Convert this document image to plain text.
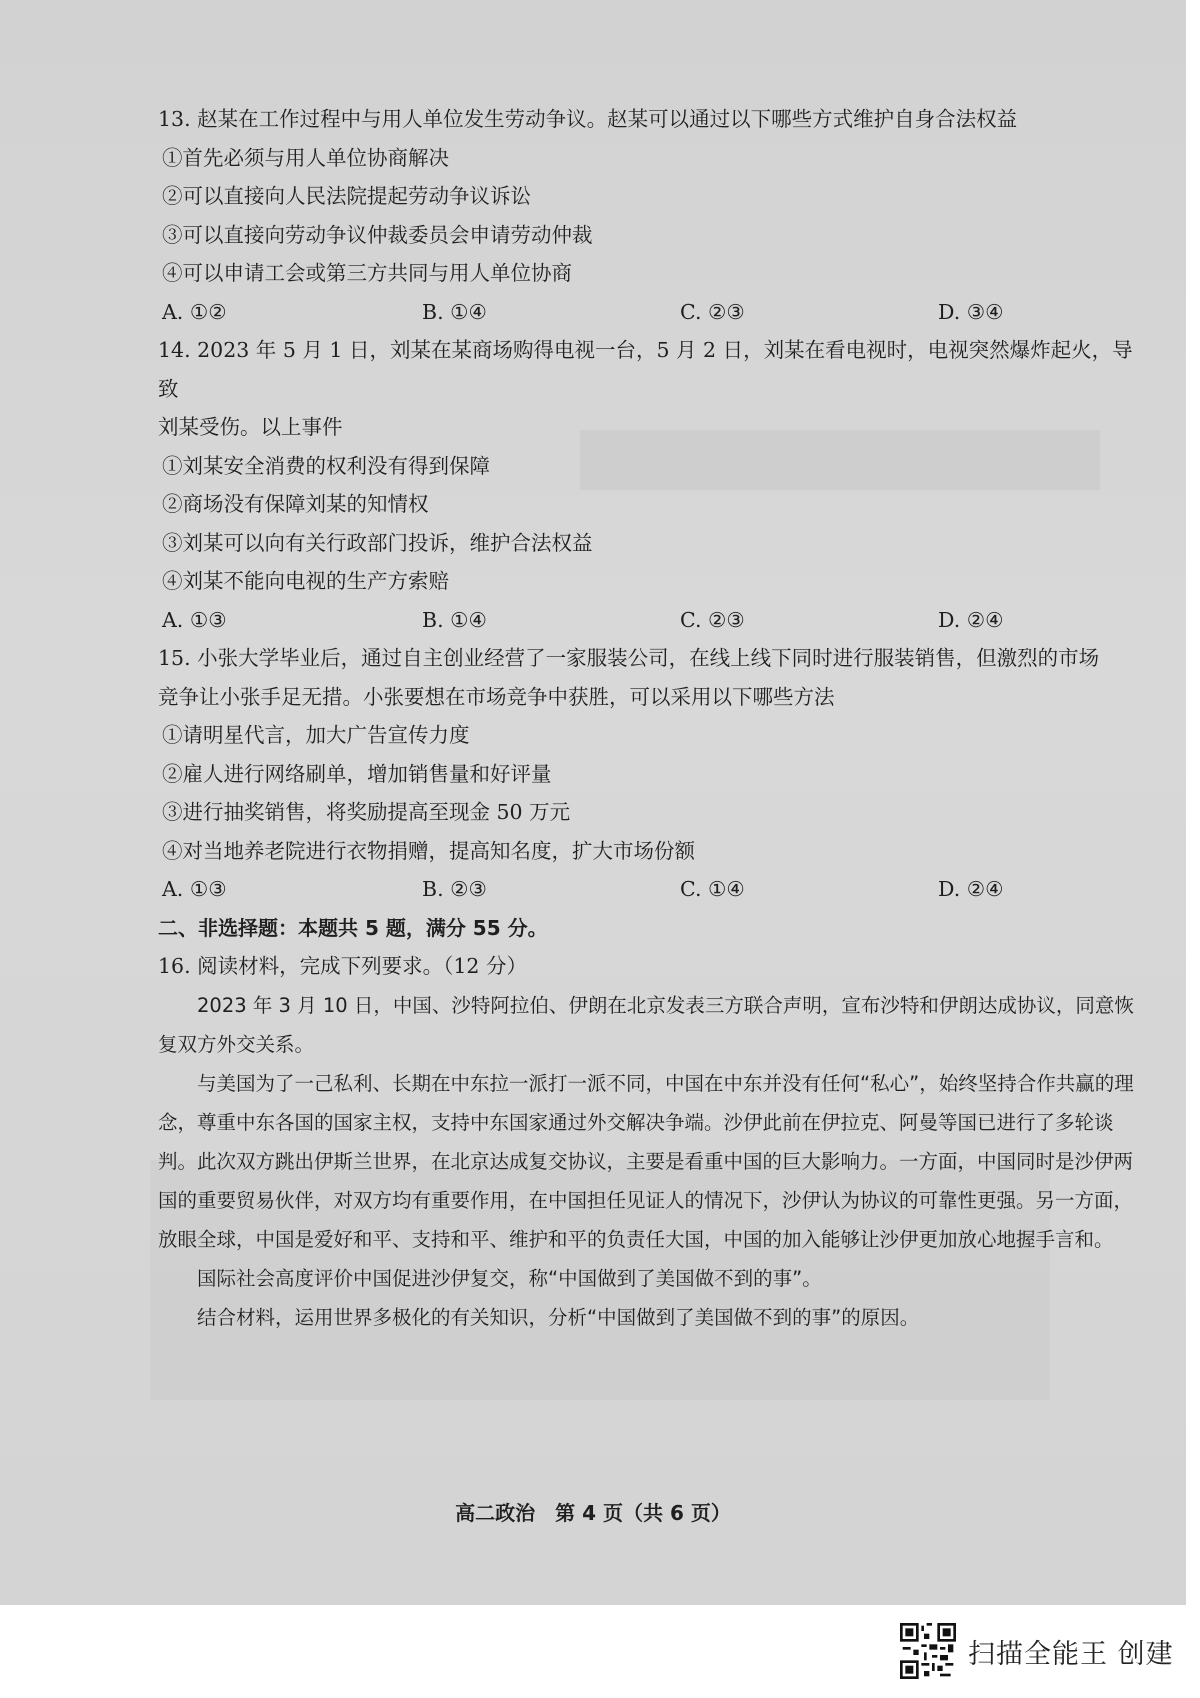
13. 赵某在工作过程中与用人单位发生劳动争议。赵某可以通过以下哪些方式维护自身合法权益
①首先必须与用人单位协商解决
②可以直接向人民法院提起劳动争议诉讼
③可以直接向劳动争议仲裁委员会申请劳动仲裁
④可以申请工会或第三方共同与用人单位协商
A. ①②	B. ①④	C. ②③	D. ③④
14. 2023 年 5 月 1 日，刘某在某商场购得电视一台，5 月 2 日，刘某在看电视时，电视突然爆炸起火，导致
刘某受伤。以上事件
①刘某安全消费的权利没有得到保障
②商场没有保障刘某的知情权
③刘某可以向有关行政部门投诉，维护合法权益
④刘某不能向电视的生产方索赔
A. ①③	B. ①④	C. ②③	D. ②④
15. 小张大学毕业后，通过自主创业经营了一家服装公司，在线上线下同时进行服装销售，但激烈的市场
竞争让小张手足无措。小张要想在市场竞争中获胜，可以采用以下哪些方法
①请明星代言，加大广告宣传力度
②雇人进行网络刷单，增加销售量和好评量
③进行抽奖销售，将奖励提高至现金 50 万元
④对当地养老院进行衣物捐赠，提高知名度，扩大市场份额
A. ①③	B. ②③	C. ①④	D. ②④
二、非选择题：本题共 5 题，满分 55 分。
16. 阅读材料，完成下列要求。（12 分）

2023 年 3 月 10 日，中国、沙特阿拉伯、伊朗在北京发表三方联合声明，宣布沙特和伊朗达成协议，同意恢复双方外交关系。

与美国为了一己私利、长期在中东拉一派打一派不同，中国在中东并没有任何“私心”，始终坚持合作共赢的理念，尊重中东各国的国家主权，支持中东国家通过外交解决争端。沙伊此前在伊拉克、阿曼等国已进行了多轮谈判。此次双方跳出伊斯兰世界，在北京达成复交协议，主要是看重中国的巨大影响力。一方面，中国同时是沙伊两国的重要贸易伙伴，对双方均有重要作用，在中国担任见证人的情况下，沙伊认为协议的可靠性更强。另一方面，放眼全球，中国是爱好和平、支持和平、维护和平的负责任大国，中国的加入能够让沙伊更加放心地握手言和。

国际社会高度评价中国促进沙伊复交，称“中国做到了美国做不到的事”。

结合材料，运用世界多极化的有关知识，分析“中国做到了美国做不到的事”的原因。

高二政治　第 4 页（共 6 页）
扫描全能王 创建
